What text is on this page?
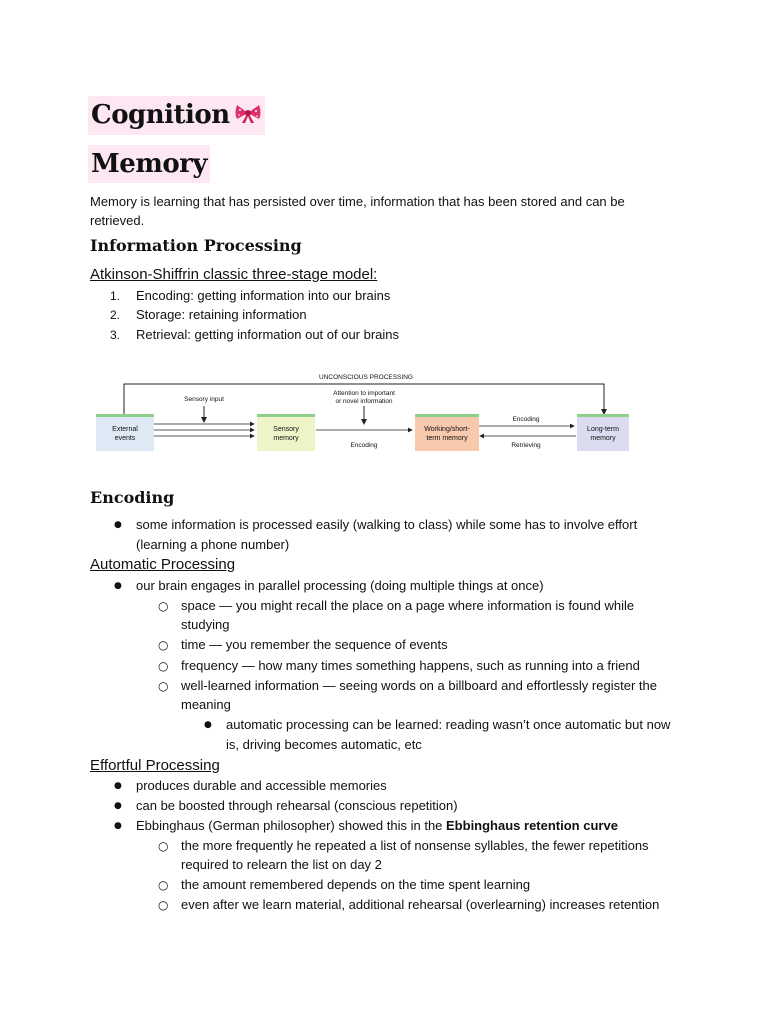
Cognition
Memory
Memory is learning that has persisted over time, information that has been stored and can be
retrieved.
Information Processing
Atkinson-Shiffrin classic three-stage model:
1. Encoding: getting information into our brains
2. Storage: retaining information
3. Retrieval: getting information out of our brains
UNCONSCIOUS PROCESSING
Sensory input
Attention to important
or novel information
External
events
Sensory
memory
Working/short-
term memory
Long-term
memory
Encoding
Encoding
Retrieving
Encoding
● some information is processed easily (walking to class) while some has to involve effort
(learning a phone number)
Automatic Processing
● our brain engages in parallel processing (doing multiple things at once)
○ space — you might recall the place on a page where information is found while
studying
○ time — you remember the sequence of events
○ frequency — how many times something happens, such as running into a friend
○ well-learned information — seeing words on a billboard and effortlessly register the
meaning
● automatic processing can be learned: reading wasn’t once automatic but now
is, driving becomes automatic, etc
Effortful Processing
● produces durable and accessible memories
● can be boosted through rehearsal (conscious repetition)
● Ebbinghaus (German philosopher) showed this in the Ebbinghaus retention curve
○ the more frequently he repeated a list of nonsense syllables, the fewer repetitions
required to relearn the list on day 2
○ the amount remembered depends on the time spent learning
○ even after we learn material, additional rehearsal (overlearning) increases retention
